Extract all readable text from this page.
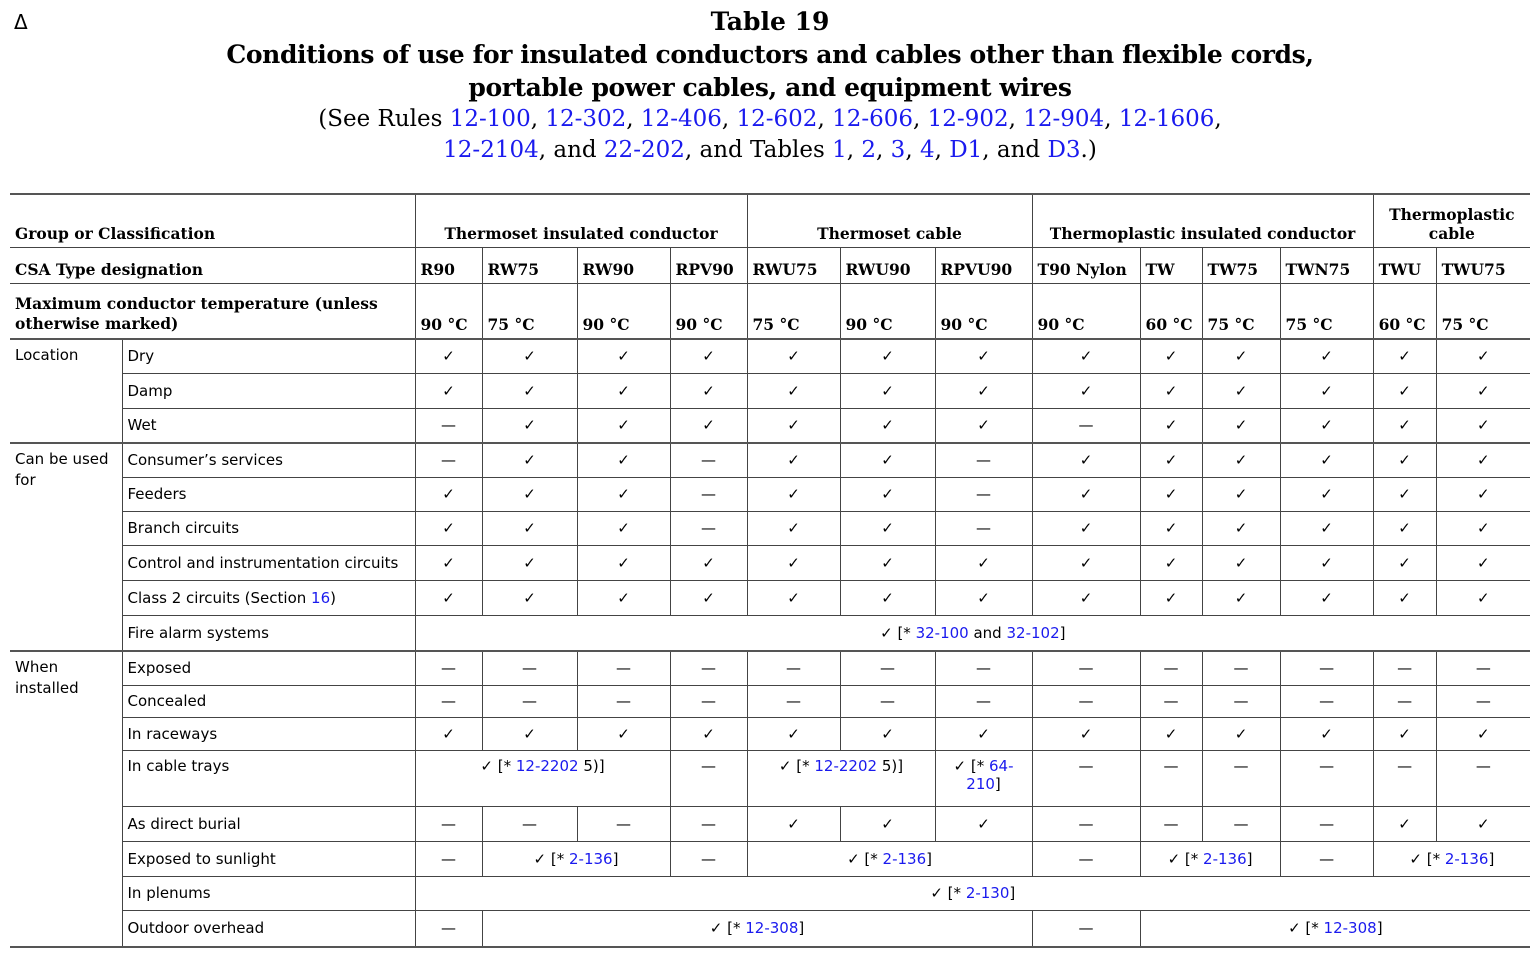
Δ	Table 19
Conditions of use for insulated conductors and cables other than flexible cords,
portable power cables, and equipment wires
(See Rules 12-100, 12-302, 12-406, 12-602, 12-606, 12-902, 12-904, 12-1606,
12-2104, and 22-202, and Tables 1, 2, 3, 4, D1, and D3.)
Group or Classification		Thermoset insulated conductor				Thermoset cable			Thermoplastic insulated conductor				Thermoplastic cable	
CSA Type designation		R90	RW75	RW90	RPV90	RWU75	RWU90	RPVU90	T90 Nylon	TW	TW75	TWN75	TWU	TWU75
Maximum conductor temperature (unless otherwise marked)		90 °C	75 °C	90 °C	90 °C	75 °C	90 °C	90 °C	90 °C	60 °C	75 °C	75 °C	60 °C	75 °C
Location	Dry	✓	✓	✓	✓	✓	✓	✓	✓	✓	✓	✓	✓	✓
	Damp	✓	✓	✓	✓	✓	✓	✓	✓	✓	✓	✓	✓	✓
	Wet	—	✓	✓	✓	✓	✓	✓	—	✓	✓	✓	✓	✓
Can be used for	Consumer’s services	—	✓	✓	—	✓	✓	—	✓	✓	✓	✓	✓	✓
	Feeders	✓	✓	✓	—	✓	✓	—	✓	✓	✓	✓	✓	✓
	Branch circuits	✓	✓	✓	—	✓	✓	—	✓	✓	✓	✓	✓	✓
	Control and instrumentation circuits	✓	✓	✓	✓	✓	✓	✓	✓	✓	✓	✓	✓	✓
	Class 2 circuits (Section 16)	✓	✓	✓	✓	✓	✓	✓	✓	✓	✓	✓	✓	✓
	Fire alarm systems	✓ [* 32-100 and 32-102]												
When installed	Exposed	—	—	—	—	—	—	—	—	—	—	—	—	—
	Concealed	—	—	—	—	—	—	—	—	—	—	—	—	—
	In raceways	✓	✓	✓	✓	✓	✓	✓	✓	✓	✓	✓	✓	✓
	In cable trays	✓ [* 12-2202 5)]			—	✓ [* 12-2202 5)]		✓ [* 64-210]	—	—	—	—	—	—
	As direct burial	—	—	—	—	✓	✓	✓	—	—	—	—	✓	✓
	Exposed to sunlight	—	✓ [* 2-136]		—	✓ [* 2-136]			—	✓ [* 2-136]		—	✓ [* 2-136]	
	In plenums	✓ [* 2-130]												
	Outdoor overhead	—	✓ [* 12-308]						—	✓ [* 12-308]				
